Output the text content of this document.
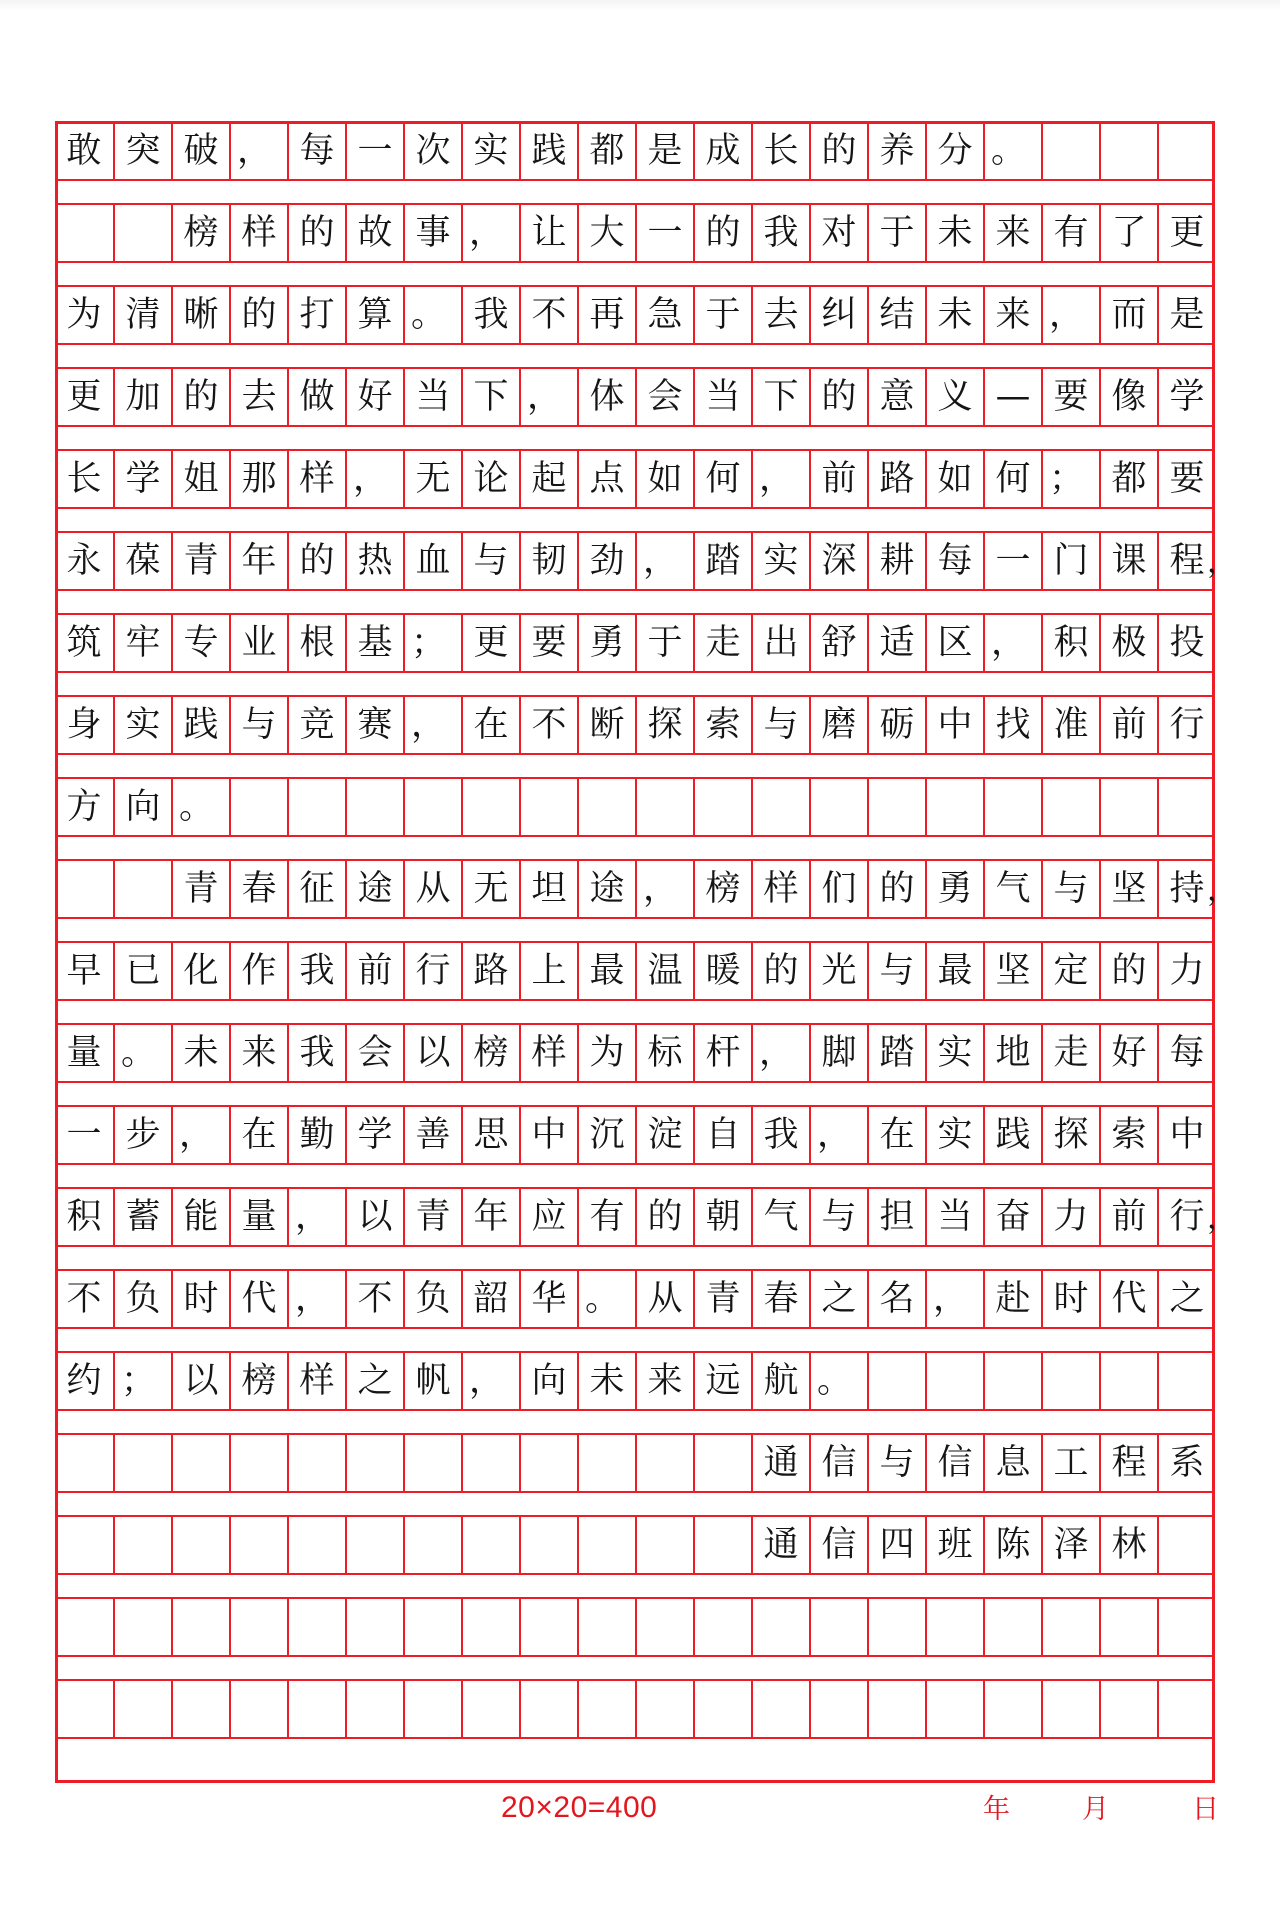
敢 突 破 ， 每 一 次 实 践 都 是 成 长 的 养 分 。
榜 样 的 故 事 ， 让 大 一 的 我 对 于 未 来 有 了 更
为 清 晰 的 打 算 。 我 不 再 急 于 去 纠 结 未 来 ， 而 是
更 加 的 去 做 好 当 下 ， 体 会 当 下 的 意 义 — 要 像 学
长 学 姐 那 样 ， 无 论 起 点 如 何 ， 前 路 如 何 ； 都 要
永 葆 青 年 的 热 血 与 韧 劲 ， 踏 实 深 耕 每 一 门 课 程 ，
筑 牢 专 业 根 基 ； 更 要 勇 于 走 出 舒 适 区 ， 积 极 投
身 实 践 与 竞 赛 ， 在 不 断 探 索 与 磨 砺 中 找 准 前 行
方 向 。
青 春 征 途 从 无 坦 途 ， 榜 样 们 的 勇 气 与 坚 持 ，
早 已 化 作 我 前 行 路 上 最 温 暖 的 光 与 最 坚 定 的 力
量 。 未 来 我 会 以 榜 样 为 标 杆 ， 脚 踏 实 地 走 好 每
一 步 ， 在 勤 学 善 思 中 沉 淀 自 我 ， 在 实 践 探 索 中
积 蓄 能 量 ， 以 青 年 应 有 的 朝 气 与 担 当 奋 力 前 行 ，
不 负 时 代 ， 不 负 韶 华 。 从 青 春 之 名 ， 赴 时 代 之
约 ； 以 榜 样 之 帆 ， 向 未 来 远 航 。
通 信 与 信 息 工 程 系
通 信 四 班 陈 泽 林
20×20=400	年	月	日
